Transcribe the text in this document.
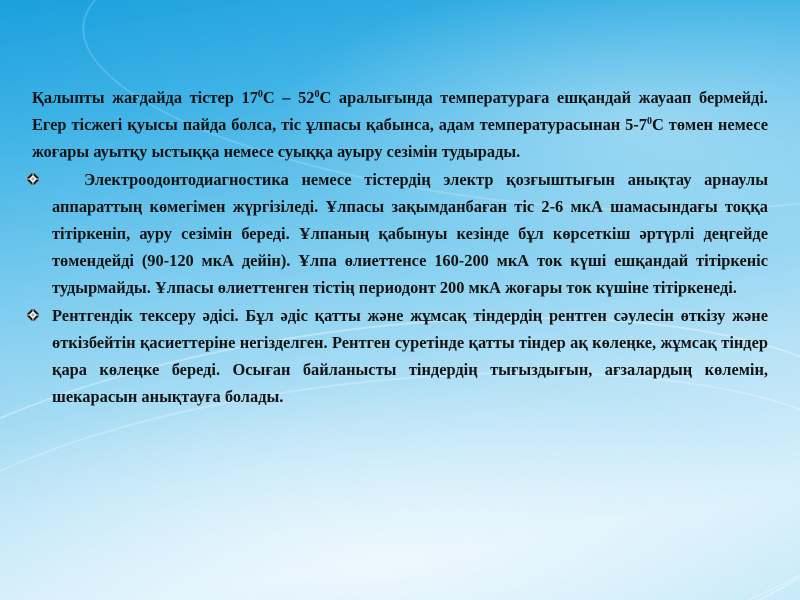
Қалыпты жағдайда тістер $17^0С - 52^0С$ аралығында температураға ешқандай жауаап бермейді. Егер тісжегі қуысы пайда болса, тіс ұлпасы қабынса, адам температурасынан $5-7^0С$ төмен немесе жоғары ауытқу ыстыққа немесе суыққа ауыру сезімін тудырады.

Электроодонтодиагностика немесе тістердің электр қозғыштығын анықтау арнаулы аппараттың көмегімен жүргізіледі. Ұлпасы зақымданбаған тіс 2-6 мкА шамасындағы тоққа тітіркеніп, ауру сезімін береді. Ұлпаның қабынуы кезінде бұл көрсеткіш әртүрлі деңгейде төмендейді (90-120 мкА дейін). Ұлпа өлиеттенсе 160-200 мкА ток күші ешқандай тітіркеніс тудырмайды. Ұлпасы өлиеттенген тістің периодонт 200 мкА жоғары ток күшіне тітіркенеді.
Рентгендік тексеру әдісі. Бұл әдіс қатты және жұмсақ тіндердің рентген сәулесін өткізу және өткізбейтін қасиеттеріне негізделген. Рентген суретінде қатты тіндер ақ көлеңке, жұмсақ тіндер қара көлеңке береді. Осыған байланысты тіндердің тығыздығын, ағзалардың көлемін, шекарасын анықтауға болады.
